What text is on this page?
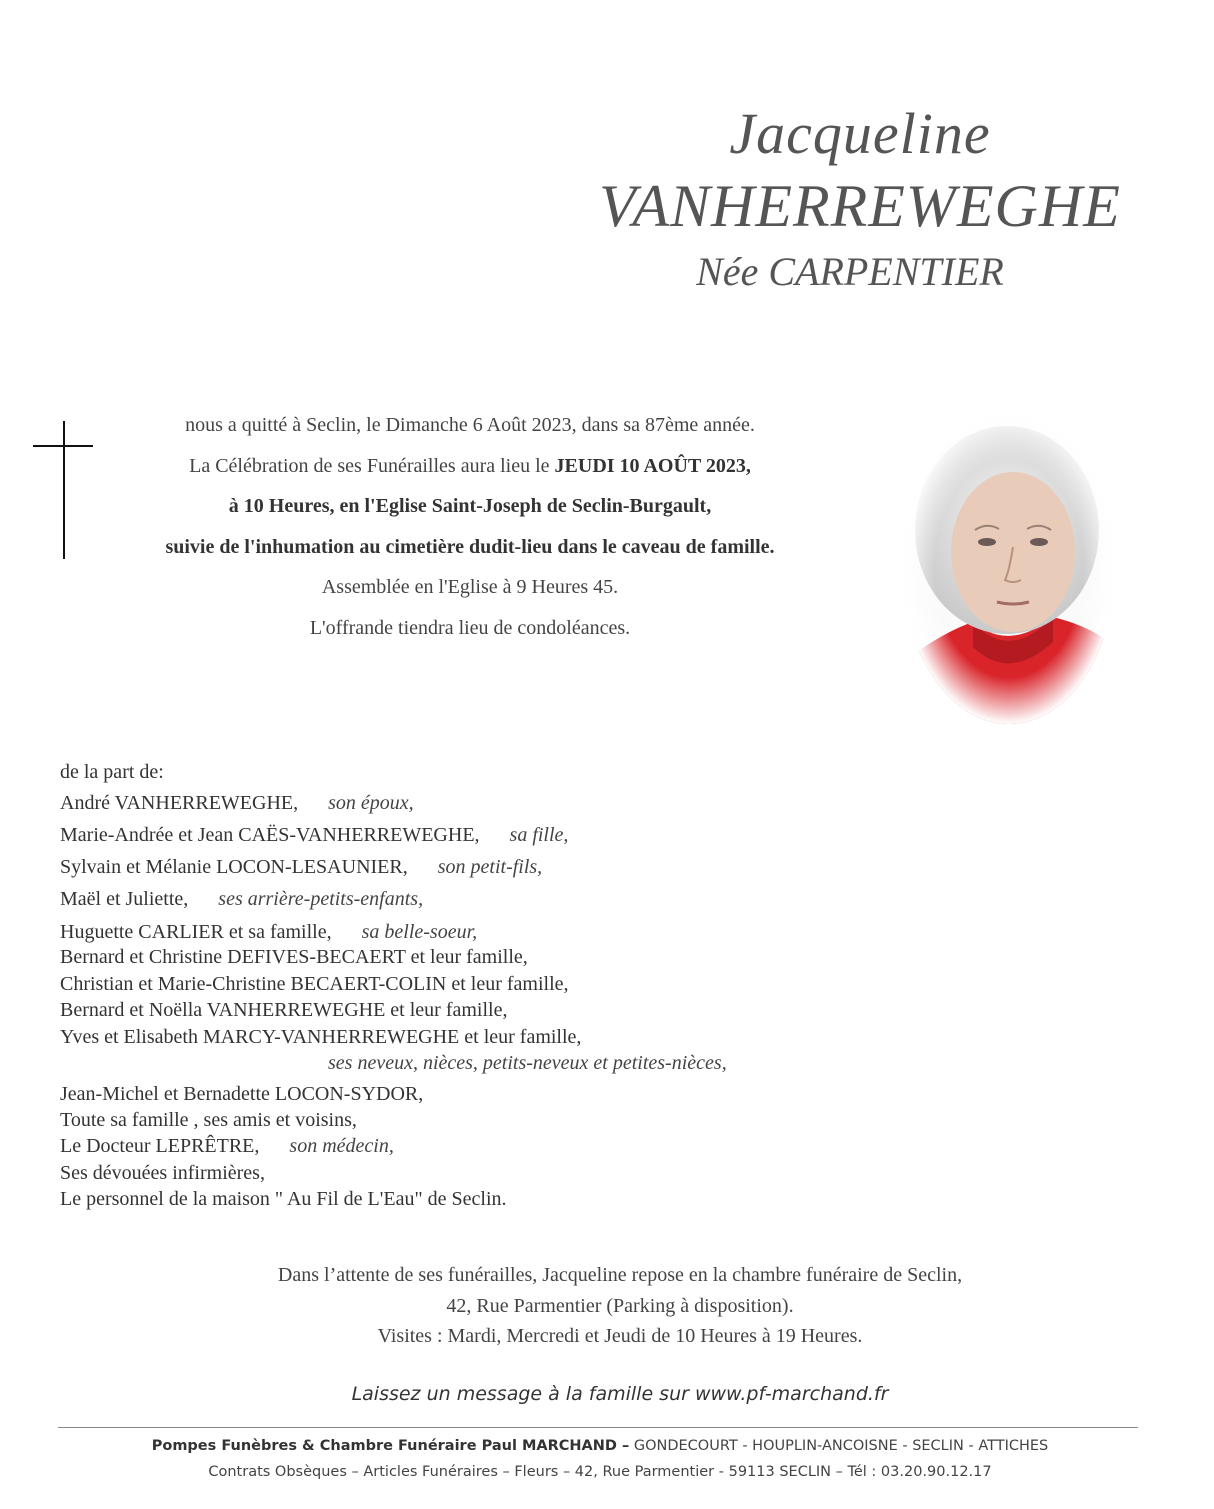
Jacqueline
VANHERREWEGHE
Née CARPENTIER

nous a quitté à Seclin, le Dimanche 6 Août 2023, dans sa 87ème année.

La Célébration de ses Funérailles aura lieu le JEUDI 10 AOÛT 2023,

à 10 Heures, en l'Eglise Saint-Joseph de Seclin-Burgault,

suivie de l'inhumation au cimetière dudit-lieu dans le caveau de famille.

Assemblée en l'Eglise à 9 Heures 45.

L'offrande tiendra lieu de condoléances.

de la part de:
André VANHERREWEGHE, son époux,
Marie-Andrée et Jean CAËS-VANHERREWEGHE, sa fille,
Sylvain et Mélanie LOCON-LESAUNIER, son petit-fils,
Maël et Juliette, ses arrière-petits-enfants,
Huguette CARLIER et sa famille, sa belle-soeur,
Bernard et Christine DEFIVES-BECAERT et leur famille,
Christian et Marie-Christine BECAERT-COLIN et leur famille,
Bernard et Noëlla VANHERREWEGHE et leur famille,
Yves et Elisabeth MARCY-VANHERREWEGHE et leur famille,
ses neveux, nièces, petits-neveux et petites-nièces,
Jean-Michel et Bernadette LOCON-SYDOR,
Toute sa famille , ses amis et voisins,
Le Docteur LEPRÊTRE, son médecin,
Ses dévouées infirmières,
Le personnel de la maison " Au Fil de L'Eau" de Seclin.

Dans l’attente de ses funérailles, Jacqueline repose en la chambre funéraire de Seclin,

42, Rue Parmentier (Parking à disposition).

Visites : Mardi, Mercredi et Jeudi de 10 Heures à 19 Heures.

Laissez un message à la famille sur www.pf-marchand.fr
Pompes Funèbres & Chambre Funéraire Paul MARCHAND – GONDECOURT - HOUPLIN-ANCOISNE - SECLIN - ATTICHES
Contrats Obsèques – Articles Funéraires – Fleurs – 42, Rue Parmentier - 59113 SECLIN – Tél : 03.20.90.12.17
